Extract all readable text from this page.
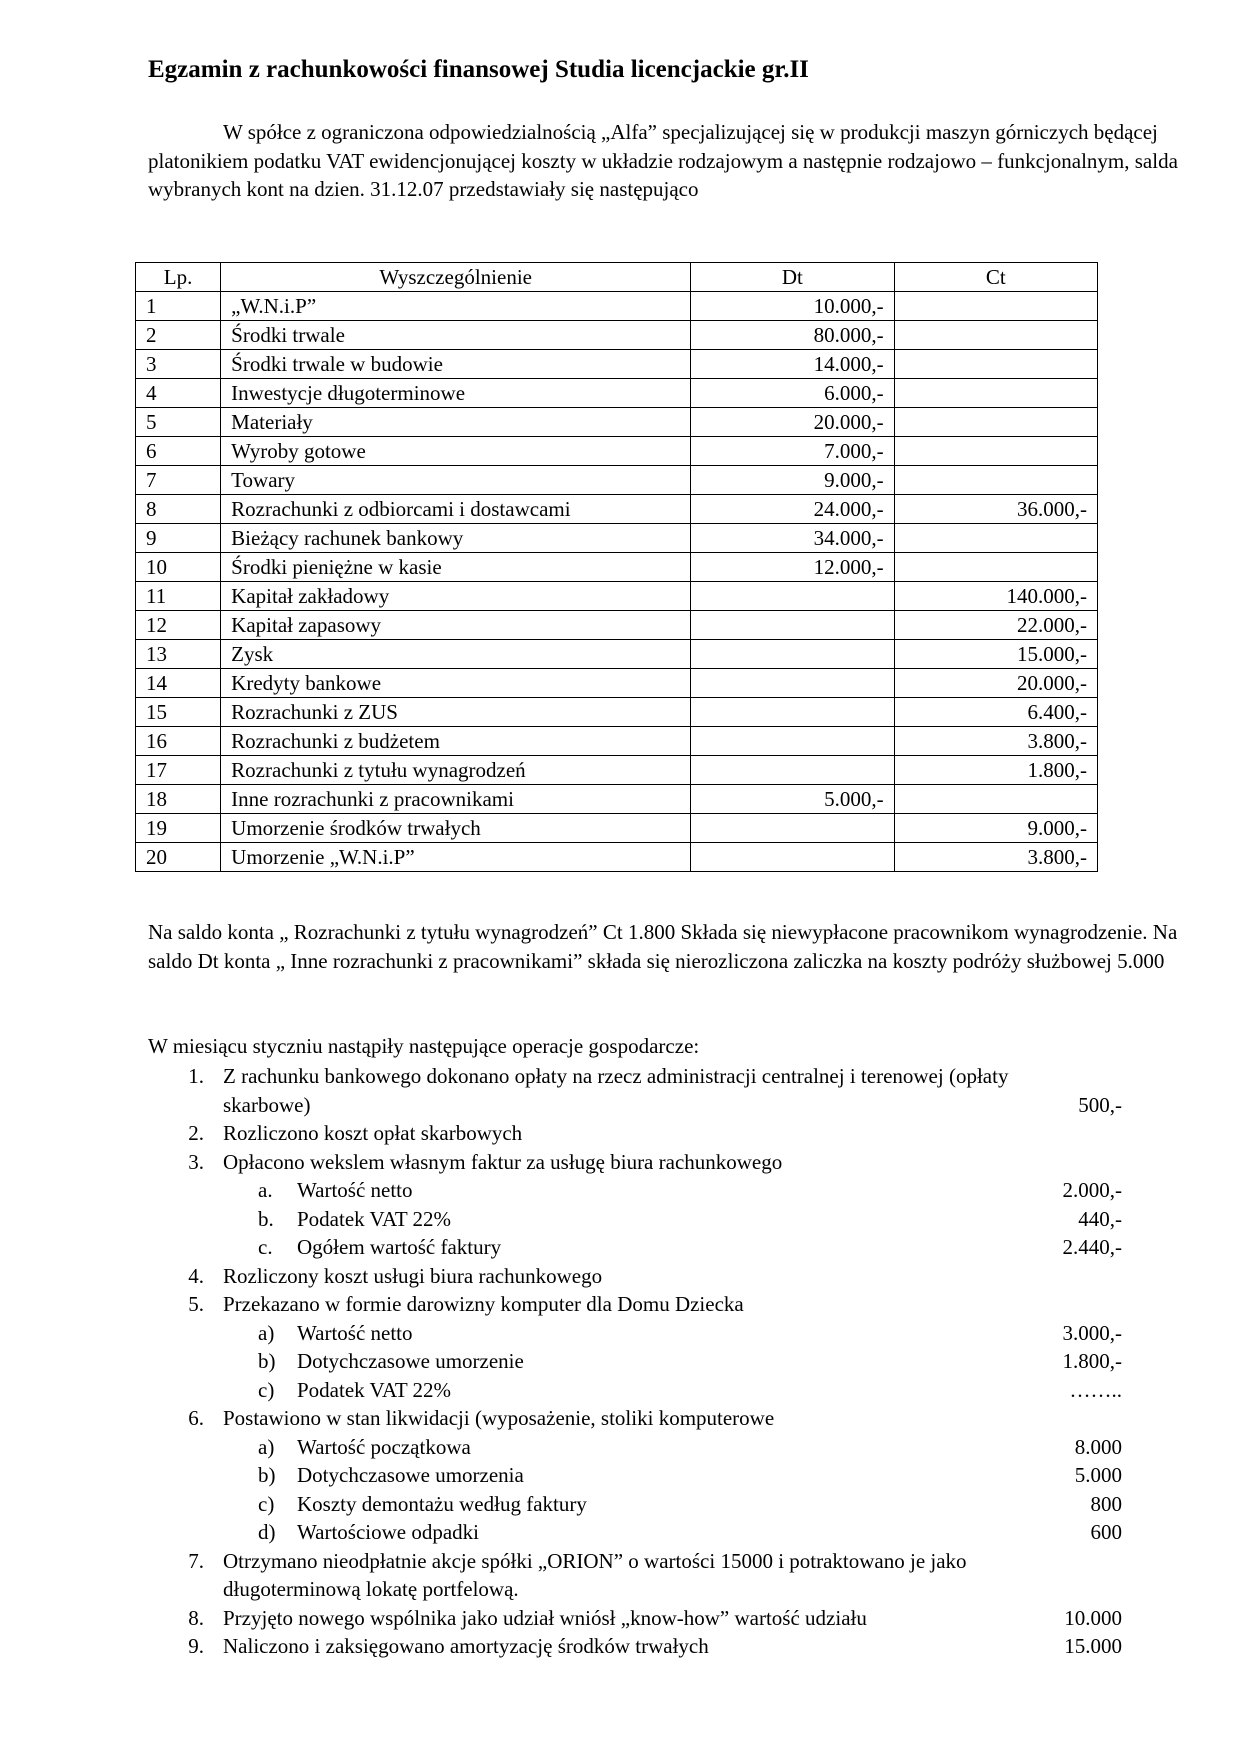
Egzamin z rachunkowości finansowej Studia licencjackie gr.II

W spółce z ograniczona odpowiedzialnością „Alfa” specjalizującej się w produkcji maszyn górniczych będącej platonikiem podatku VAT ewidencjonującej koszty w układzie rodzajowym a następnie rodzajowo – funkcjonalnym, salda wybranych kont na dzien. 31.12.07 przedstawiały się następująco

Lp.	Wyszczególnienie	Dt	Ct
1	„W.N.i.P”	10.000,-	
2	Środki trwale	80.000,-	
3	Środki trwale w budowie	14.000,-	
4	Inwestycje długoterminowe	6.000,-	
5	Materiały	20.000,-	
6	Wyroby gotowe	7.000,-	
7	Towary	9.000,-	
8	Rozrachunki z odbiorcami i dostawcami	24.000,-	36.000,-
9	Bieżący rachunek bankowy	34.000,-	
10	Środki pieniężne w kasie	12.000,-	
11	Kapitał zakładowy		140.000,-
12	Kapitał zapasowy		22.000,-
13	Zysk		15.000,-
14	Kredyty bankowe		20.000,-
15	Rozrachunki z ZUS		6.400,-
16	Rozrachunki z budżetem		3.800,-
17	Rozrachunki z tytułu wynagrodzeń		1.800,-
18	Inne rozrachunki z pracownikami	5.000,-	
19	Umorzenie środków trwałych		9.000,-
20	Umorzenie „W.N.i.P”		3.800,-

Na saldo konta „ Rozrachunki z tytułu wynagrodzeń” Ct 1.800 Składa się niewypłacone pracownikom wynagrodzenie. Na saldo Dt konta „ Inne rozrachunki z pracownikami” składa się nierozliczona zaliczka na koszty podróży służbowej 5.000

W miesiącu styczniu nastąpiły następujące operacje gospodarcze:

1. Z rachunku bankowego dokonano opłaty na rzecz administracji centralnej i terenowej (opłaty
skarbowe)	500,-
2. Rozliczono koszt opłat skarbowych
3. Opłacono wekslem własnym faktur za usługę biura rachunkowego
a. Wartość netto	2.000,-
b. Podatek VAT 22%	440,-
c. Ogółem wartość faktury	2.440,-
4. Rozliczony koszt usługi biura rachunkowego
5. Przekazano w formie darowizny komputer dla Domu Dziecka
a) Wartość netto	3.000,-
b) Dotychczasowe umorzenie	1.800,-
c) Podatek VAT 22%	……..
6. Postawiono w stan likwidacji (wyposażenie, stoliki komputerowe
a) Wartość początkowa	8.000
b) Dotychczasowe umorzenia	5.000
c) Koszty demontażu według faktury	800
d) Wartościowe odpadki	600
7. Otrzymano nieodpłatnie akcje spółki „ORION” o wartości 15000 i potraktowano je jako
długoterminową lokatę portfelową.
8. Przyjęto nowego wspólnika jako udział wniósł „know-how” wartość udziału	10.000
9. Naliczono i zaksięgowano amortyzację środków trwałych	15.000
